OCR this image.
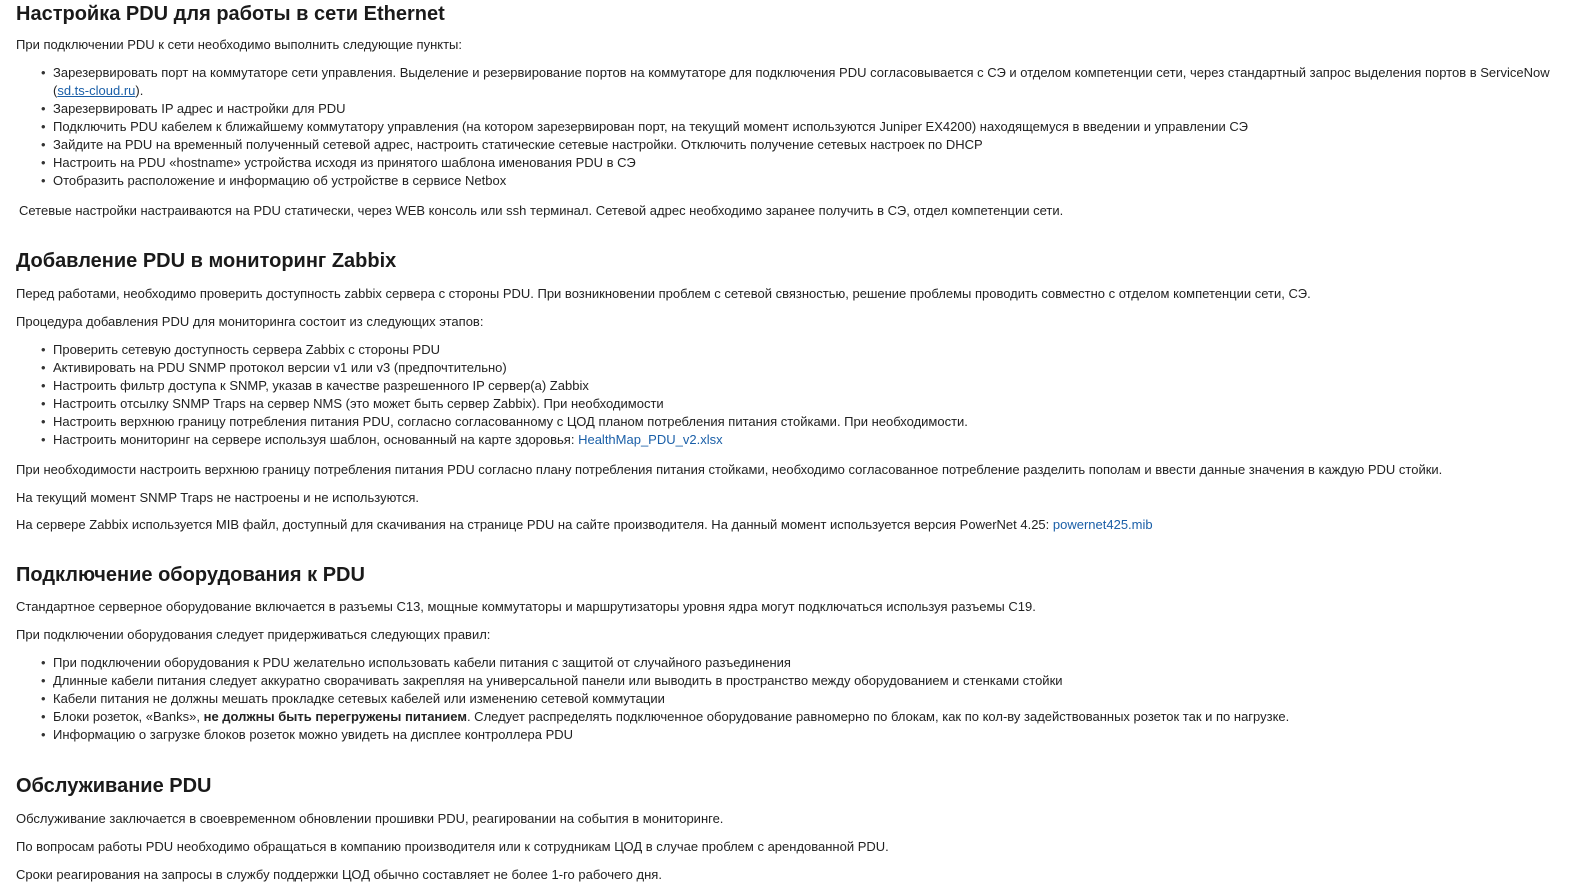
Настройка PDU для работы в сети Ethernet

При подключении PDU к сети необходимо выполнить следующие пункты:

• Зарезервировать порт на коммутаторе сети управления. Выделение и резервирование портов на коммутаторе для подключения PDU согласовывается с СЭ и отделом компетенции сети, через стандартный запрос выделения портов в ServiceNow (sd.ts-cloud.ru).
• Зарезервировать IP адрес и настройки для PDU
• Подключить PDU кабелем к ближайшему коммутатору управления (на котором зарезервирован порт, на текущий момент используются Juniper EX4200) находящемуся в введении и управлении СЭ
• Зайдите на PDU на временный полученный сетевой адрес, настроить статические сетевые настройки. Отключить получение сетевых настроек по DHCP
• Настроить на PDU «hostname» устройства исходя из принятого шаблона именования PDU в СЭ
• Отобразить расположение и информацию об устройстве в сервисе Netbox

Сетевые настройки настраиваются на PDU статически, через WEB консоль или ssh терминал. Сетевой адрес необходимо заранее получить в СЭ, отдел компетенции сети.

Добавление PDU в мониторинг Zabbix

Перед работами, необходимо проверить доступность zabbix сервера с стороны PDU. При возникновении проблем с сетевой связностью, решение проблемы проводить совместно с отделом компетенции сети, СЭ.

Процедура добавления PDU для мониторинга состоит из следующих этапов:

• Проверить сетевую доступность сервера Zabbix с стороны PDU
• Активировать на PDU SNMP протокол версии v1 или v3 (предпочтительно)
• Настроить фильтр доступа к SNMP, указав в качестве разрешенного IP сервер(а) Zabbix
• Настроить отсылку SNMP Traps на сервер NMS (это может быть сервер Zabbix). При необходимости
• Настроить верхнюю границу потребления питания PDU, согласно согласованному с ЦОД планом потребления питания стойками. При необходимости.
• Настроить мониторинг на сервере используя шаблон, основанный на карте здоровья: HealthMap_PDU_v2.xlsx

При необходимости настроить верхнюю границу потребления питания PDU согласно плану потребления питания стойками, необходимо согласованное потребление разделить пополам и ввести данные значения в каждую PDU стойки.

На текущий момент SNMP Traps не настроены и не используются.

На сервере Zabbix используется MIB файл, доступный для скачивания на странице PDU на сайте производителя. На данный момент используется версия PowerNet 4.25: powernet425.mib

Подключение оборудования к PDU

Стандартное серверное оборудование включается в разъемы C13, мощные коммутаторы и маршрутизаторы уровня ядра могут подключаться используя разъемы C19.

При подключении оборудования следует придерживаться следующих правил:

• При подключении оборудования к PDU желательно использовать кабели питания с защитой от случайного разъединения
• Длинные кабели питания следует аккуратно сворачивать закрепляя на универсальной панели или выводить в пространство между оборудованием и стенками стойки
• Кабели питания не должны мешать прокладке сетевых кабелей или изменению сетевой коммутации
• Блоки розеток, «Banks», не должны быть перегружены питанием. Следует распределять подключенное оборудование равномерно по блокам, как по кол-ву задействованных розеток так и по нагрузке.
• Информацию о загрузке блоков розеток можно увидеть на дисплее контроллера PDU
Обслуживание PDU

Обслуживание заключается в своевременном обновлении прошивки PDU, реагировании на события в мониторинге.

По вопросам работы PDU необходимо обращаться в компанию производителя или к сотрудникам ЦОД в случае проблем с арендованной PDU.

Сроки реагирования на запросы в службу поддержки ЦОД обычно составляет не более 1-го рабочего дня.
